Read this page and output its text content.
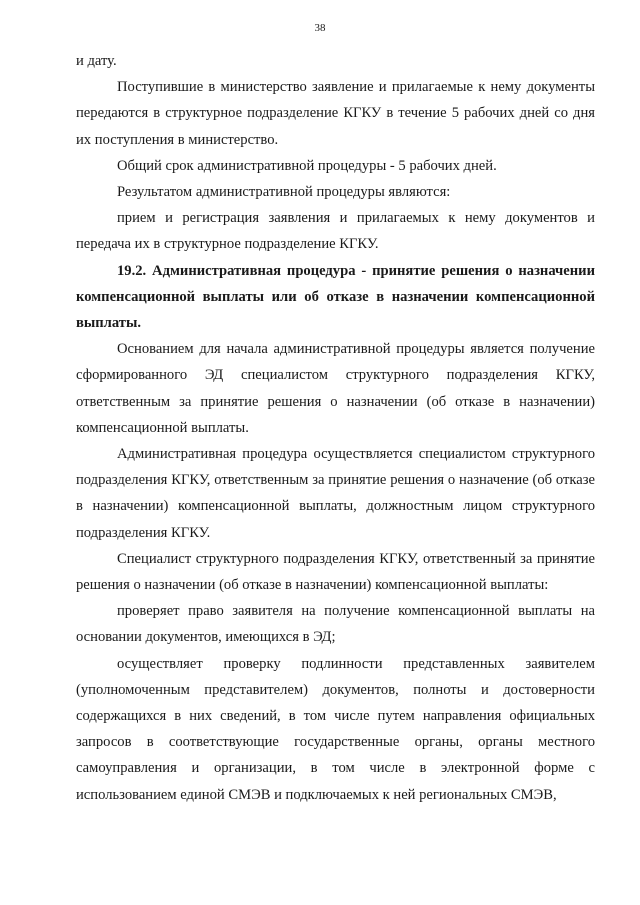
38

и дату.

Поступившие в министерство заявление и прилагаемые к нему документы передаются в структурное подразделение КГКУ в течение 5 рабочих дней со дня их поступления в министерство.

Общий срок административной процедуры - 5 рабочих дней.

Результатом административной процедуры являются:

прием и регистрация заявления и прилагаемых к нему документов и передача их в структурное подразделение КГКУ.

19.2. Административная процедура - принятие решения о назначении компенсационной выплаты или об отказе в назначении компенсационной выплаты.

Основанием для начала административной процедуры является получение сформированного ЭД специалистом структурного подразделения КГКУ, ответственным за принятие решения о назначении (об отказе в назначении) компенсационной выплаты.

Административная процедура осуществляется специалистом структурного подразделения КГКУ, ответственным за принятие решения о назначение (об отказе в назначении) компенсационной выплаты, должностным лицом структурного подразделения КГКУ.

Специалист структурного подразделения КГКУ, ответственный за принятие решения о назначении (об отказе в назначении) компенсационной выплаты:

проверяет право заявителя на получение компенсационной выплаты на основании документов, имеющихся в ЭД;

осуществляет проверку подлинности представленных заявителем (уполномоченным представителем) документов, полноты и достоверности содержащихся в них сведений, в том числе путем направления официальных запросов в соответствующие государственные органы, органы местного самоуправления и организации, в том числе в электронной форме с использованием единой СМЭВ и подключаемых к ней региональных СМЭВ,
